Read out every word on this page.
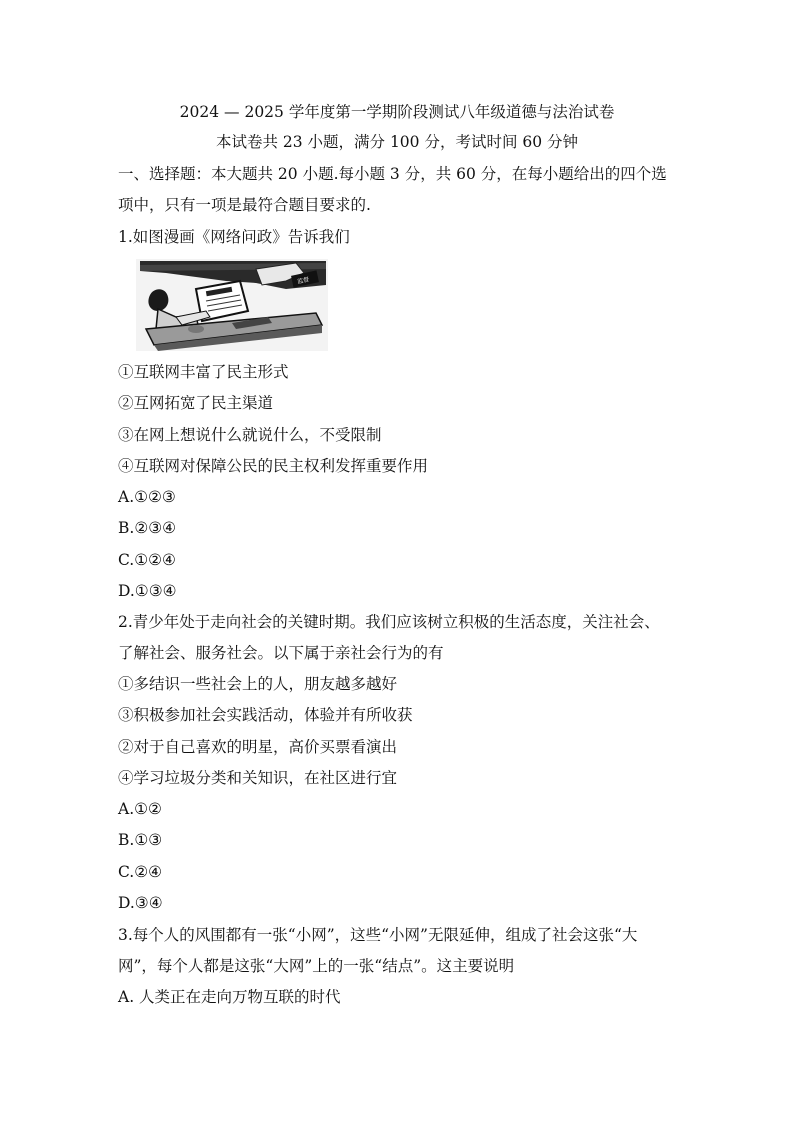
2024 — 2025 学年度第一学期阶段测试八年级道德与法治试卷
本试卷共 23 小题，满分 100 分，考试时间 60 分钟
一、选择题：本大题共 20 小题.每小题 3 分，共 60 分，在每小题给出的四个选
项中，只有一项是最符合题目要求的.
1.如图漫画《网络问政》告诉我们
监督
①互联网丰富了民主形式
②互网拓宽了民主渠道
③在网上想说什么就说什么，不受限制
④互联网对保障公民的民主权利发挥重要作用
A.①②③
B.②③④
C.①②④
D.①③④
2.青少年处于走向社会的关键时期。我们应该树立积极的生活态度，关注社会、
了解社会、服务社会。以下属于亲社会行为的有
①多结识一些社会上的人，朋友越多越好
③积极参加社会实践活动，体验并有所收获
②对于自己喜欢的明星，高价买票看演出
④学习垃圾分类和关知识，在社区进行宜
A.①②
B.①③
C.②④
D.③④
3.每个人的风围都有一张“小网”，这些“小网”无限延伸，组成了社会这张“大
网”，每个人都是这张“大网”上的一张“结点”。这主要说明
A. 人类正在走向万物互联的时代
